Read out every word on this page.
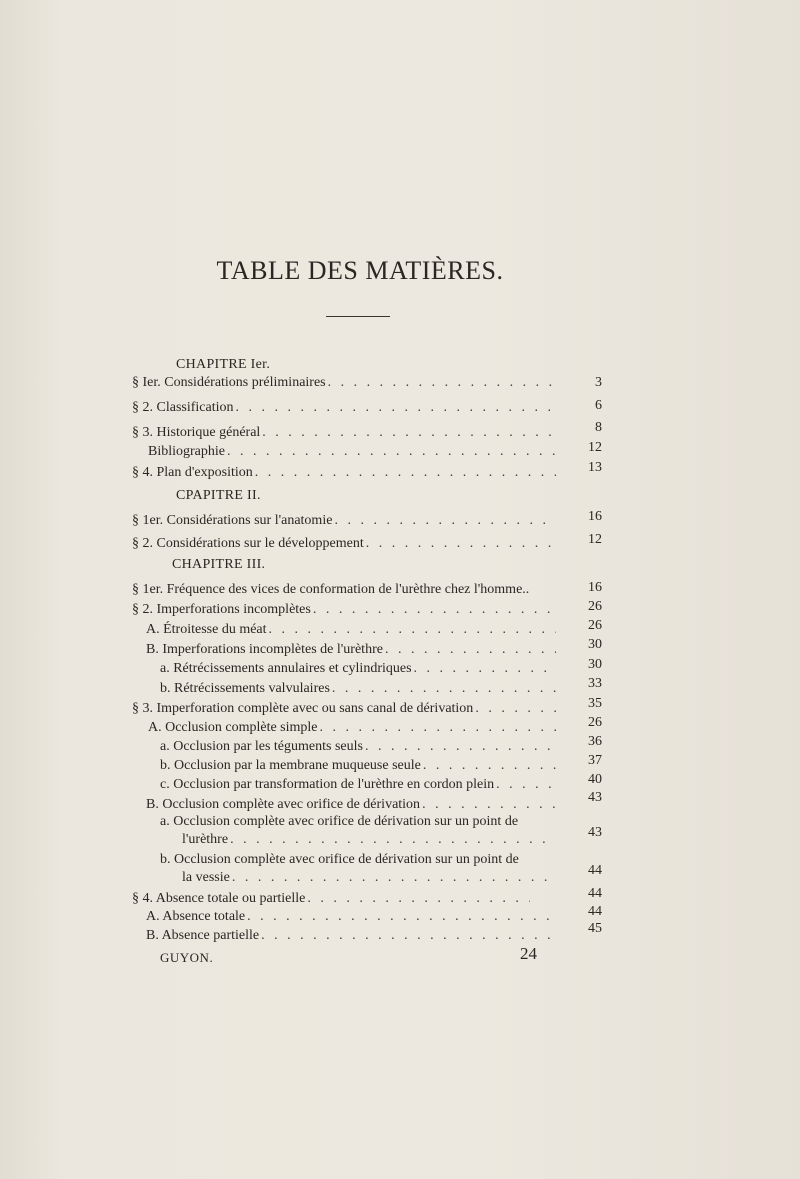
TABLE DES MATIÈRES.
CHAPITRE Ier.
§ Ier. Considérations préliminaires . . .	3
§ 2. Classification . . .	6
§ 3. Historique général . . .	8
Bibliographie . . .	12
§ 4. Plan d'exposition . . .	13
CPAPITRE II.
§ 1er. Considérations sur l'anatomie . . .	16
§ 2. Considérations sur le développement . . .	12
CHAPITRE III.
§ 1er. Fréquence des vices de conformation de l'urèthre chez l'homme..	16
§ 2. Imperforations incomplètes . . .	26
A. Étroitesse du méat . . .	26
B. Imperforations incomplètes de l'urèthre . . .	30
a. Rétrécissements annulaires et cylindriques . . .	30
b. Rétrécissements valvulaires . . .	33
§ 3. Imperforation complète avec ou sans canal de dérivation . . .	35
A. Occlusion complète simple . . .	26
a. Occlusion par les téguments seuls . . .	36
b. Occlusion par la membrane muqueuse seule . . .	37
c. Occlusion par transformation de l'urèthre en cordon plein . . .	40
B. Occlusion complète avec orifice de dérivation . . .	43
a. Occlusion complète avec orifice de dérivation sur un point de
l'urèthre . . .	43
b. Occlusion complète avec orifice de dérivation sur un point de
la vessie . . .	44
§ 4. Absence totale ou partielle . . .	44
A. Absence totale . . .	44
B. Absence partielle . . .	45
GUYON.	24
